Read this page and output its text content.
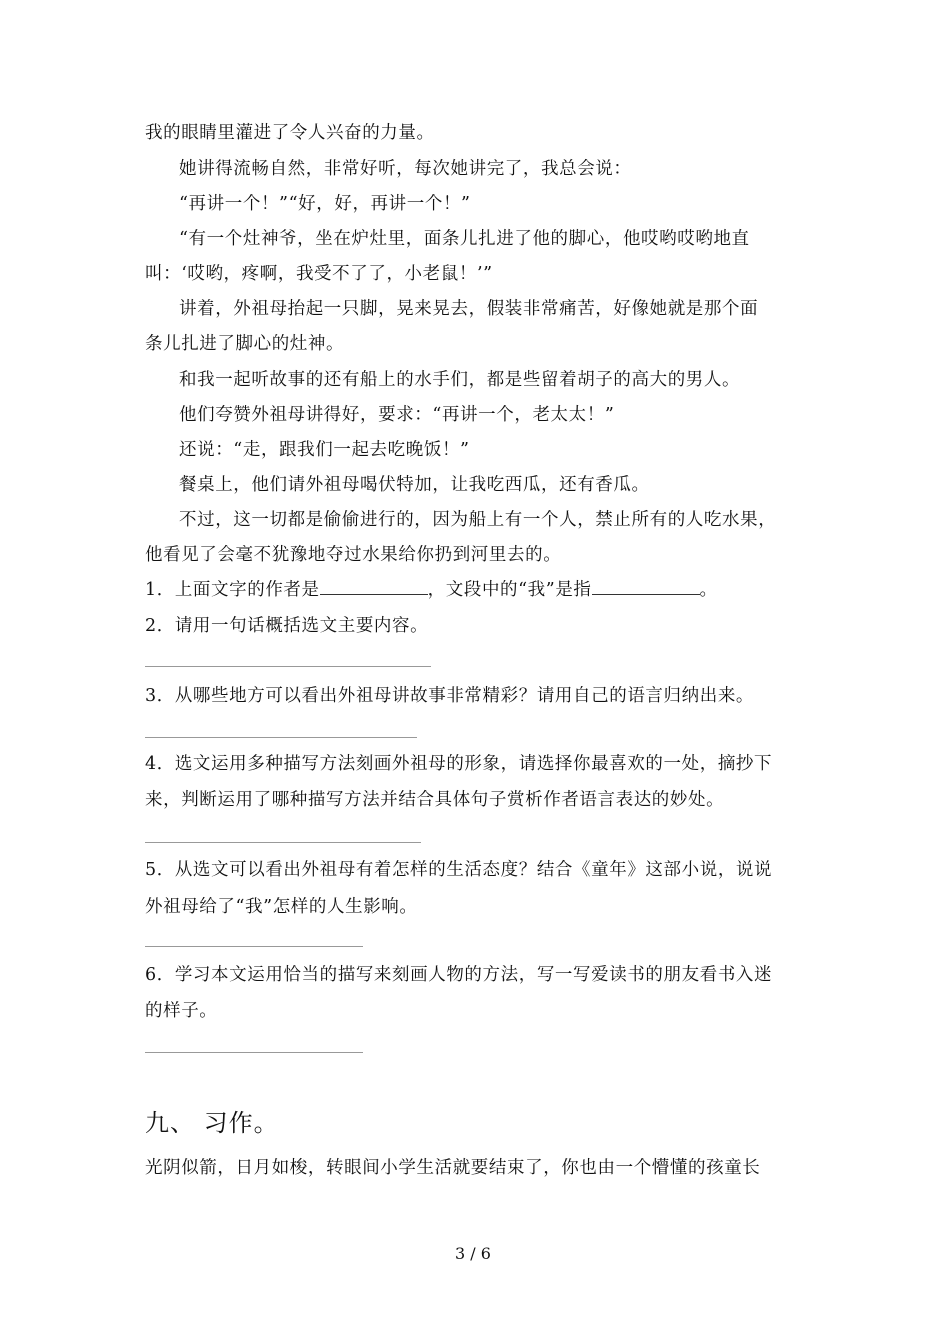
我的眼睛里灌进了令人兴奋的力量。
她讲得流畅自然，非常好听，每次她讲完了，我总会说：
“再讲一个！”“好，好，再讲一个！”
“有一个灶神爷，坐在炉灶里，面条儿扎进了他的脚心，他哎哟哎哟地直
叫：‘哎哟，疼啊，我受不了了，小老鼠！’”
讲着，外祖母抬起一只脚，晃来晃去，假装非常痛苦，好像她就是那个面
条儿扎进了脚心的灶神。
和我一起听故事的还有船上的水手们，都是些留着胡子的高大的男人。
他们夸赞外祖母讲得好，要求：“再讲一个，老太太！”
还说：“走，跟我们一起去吃晚饭！”
餐桌上，他们请外祖母喝伏特加，让我吃西瓜，还有香瓜。
不过，这一切都是偷偷进行的，因为船上有一个人，禁止所有的人吃水果，
他看见了会毫不犹豫地夺过水果给你扔到河里去的。
1．上面文字的作者是	，文段中的“我”是指	。
2．请用一句话概括选文主要内容。
3．从哪些地方可以看出外祖母讲故事非常精彩？请用自己的语言归纳出来。
4．选文运用多种描写方法刻画外祖母的形象，请选择你最喜欢的一处，摘抄下
来，判断运用了哪种描写方法并结合具体句子赏析作者语言表达的妙处。
5．从选文可以看出外祖母有着怎样的生活态度？结合《童年》这部小说，说说
外祖母给了“我”怎样的人生影响。
6．学习本文运用恰当的描写来刻画人物的方法，写一写爱读书的朋友看书入迷
的样子。
九、 习作。
光阴似箭，日月如梭，转眼间小学生活就要结束了，你也由一个懵懂的孩童长
3 / 6
